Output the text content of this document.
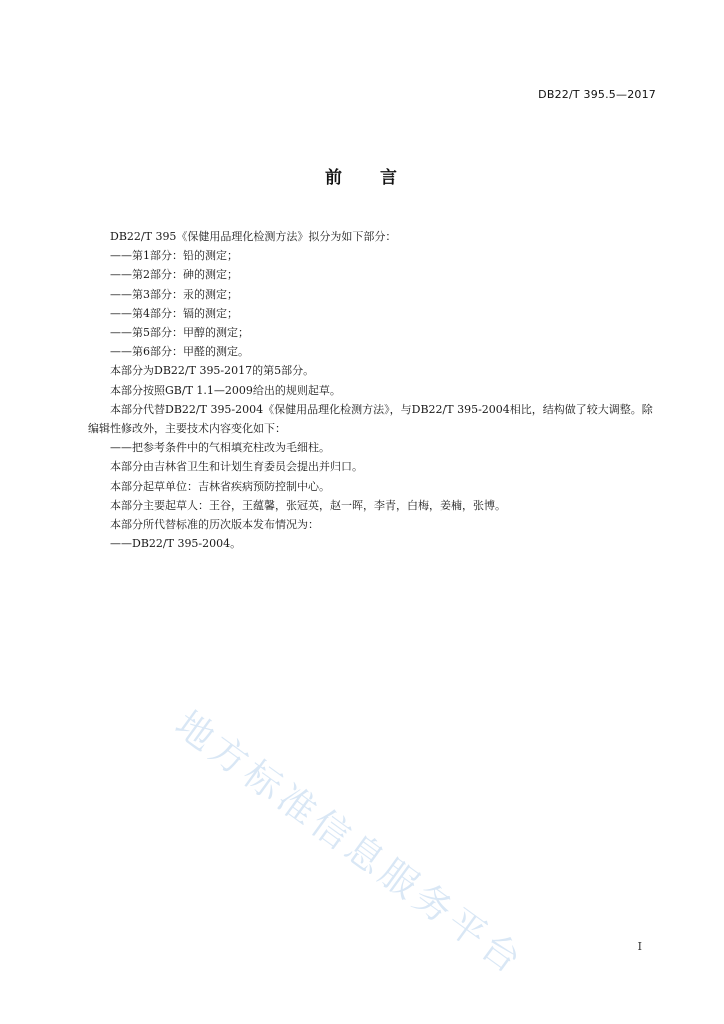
DB22/T 395.5—2017
前 言

DB22/T 395《保健用品理化检测方法》拟分为如下部分：

——第1部分：铅的测定；

——第2部分：砷的测定；

——第3部分：汞的测定；

——第4部分：镉的测定；

——第5部分：甲醇的测定；

——第6部分：甲醛的测定。

本部分为DB22/T 395-2017的第5部分。

本部分按照GB/T 1.1—2009给出的规则起草。

本部分代替DB22/T 395-2004《保健用品理化检测方法》，与DB22/T 395-2004相比，结构做了较大调整。除编辑性修改外，主要技术内容变化如下：

——把参考条件中的气相填充柱改为毛细柱。

本部分由吉林省卫生和计划生育委员会提出并归口。

本部分起草单位：吉林省疾病预防控制中心。

本部分主要起草人：王谷，王蕴馨，张冠英，赵一晖，李青，白梅，姜楠，张博。

本部分所代替标准的历次版本发布情况为：

——DB22/T 395-2004。

地方标准信息服务平台	I
